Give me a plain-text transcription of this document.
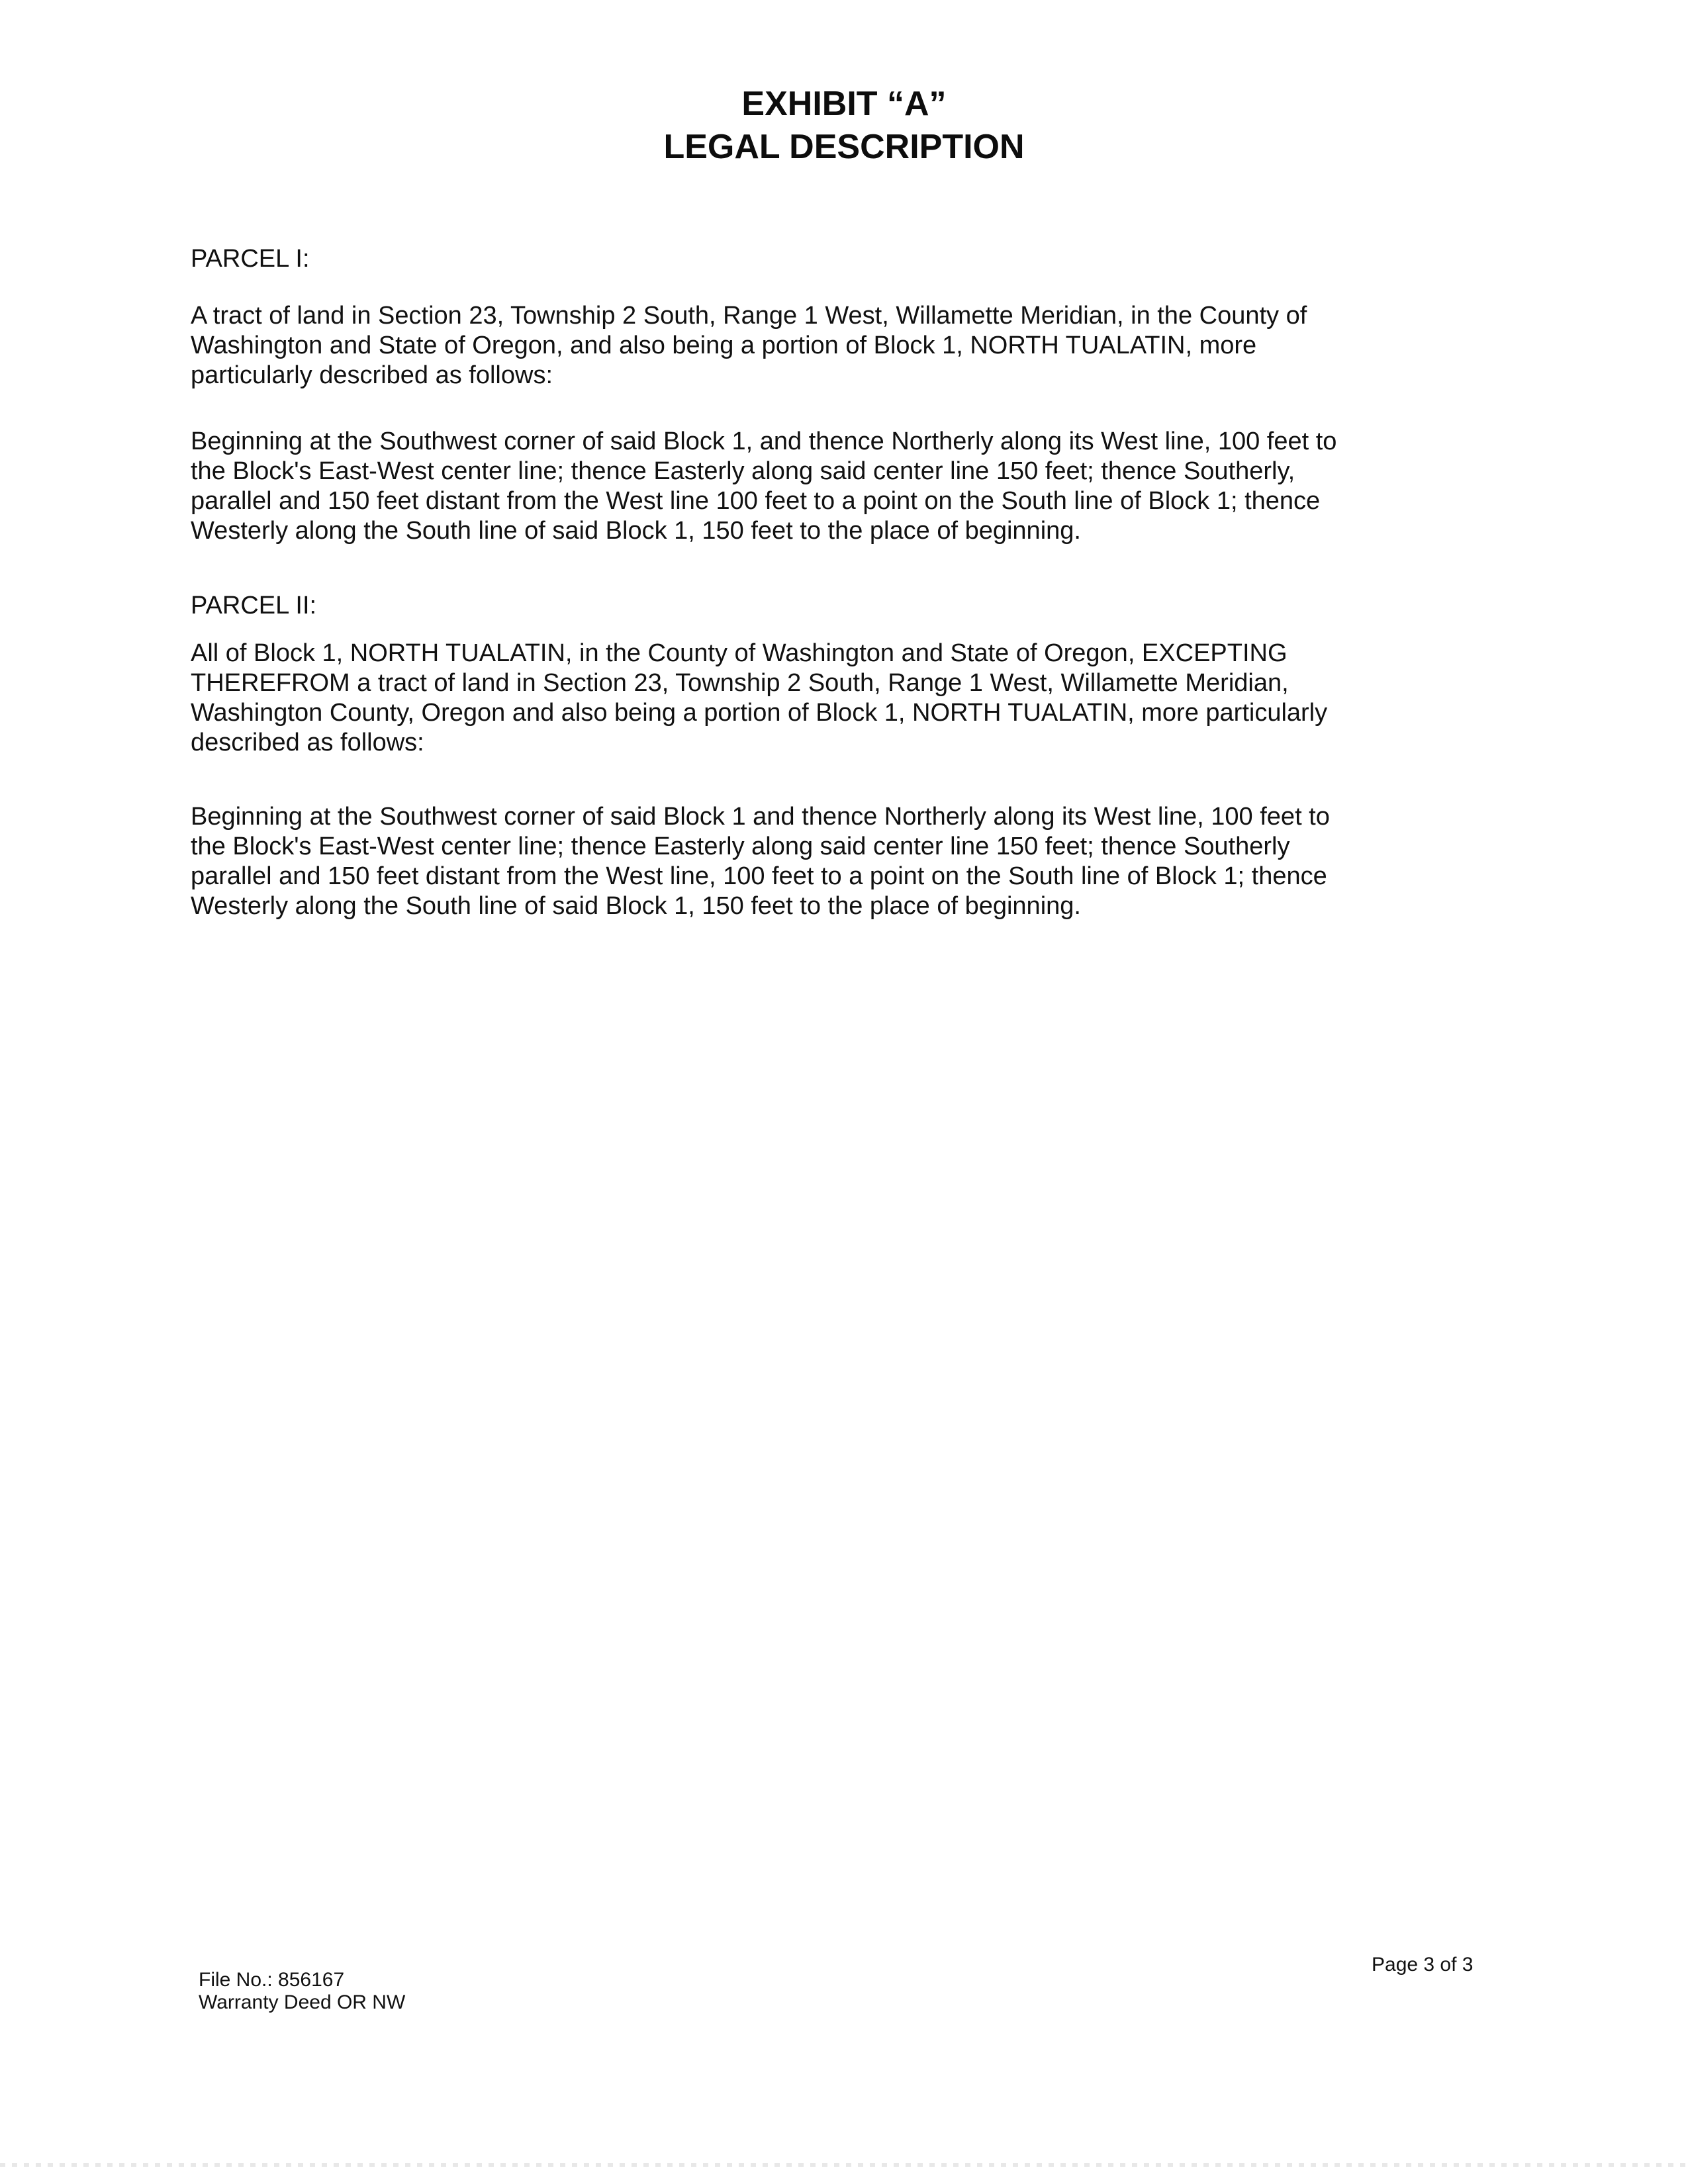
EXHIBIT “A”
LEGAL DESCRIPTION
PARCEL I:
A tract of land in Section 23, Township 2 South, Range 1 West, Willamette Meridian, in the County of
Washington and State of Oregon, and also being a portion of Block 1, NORTH TUALATIN, more
particularly described as follows:
Beginning at the Southwest corner of said Block 1, and thence Northerly along its West line, 100 feet to
the Block's East-West center line; thence Easterly along said center line 150 feet; thence Southerly,
parallel and 150 feet distant from the West line 100 feet to a point on the South line of Block 1; thence
Westerly along the South line of said Block 1, 150 feet to the place of beginning.
PARCEL II:
All of Block 1, NORTH TUALATIN, in the County of Washington and State of Oregon, EXCEPTING
THEREFROM a tract of land in Section 23, Township 2 South, Range 1 West, Willamette Meridian,
Washington County, Oregon and also being a portion of Block 1, NORTH TUALATIN, more particularly
described as follows:
Beginning at the Southwest corner of said Block 1 and thence Northerly along its West line, 100 feet to
the Block's East-West center line; thence Easterly along said center line 150 feet; thence Southerly
parallel and 150 feet distant from the West line, 100 feet to a point on the South line of Block 1; thence
Westerly along the South line of said Block 1, 150 feet to the place of beginning.
File No.: 856167
Warranty Deed OR NW
Page 3 of 3
